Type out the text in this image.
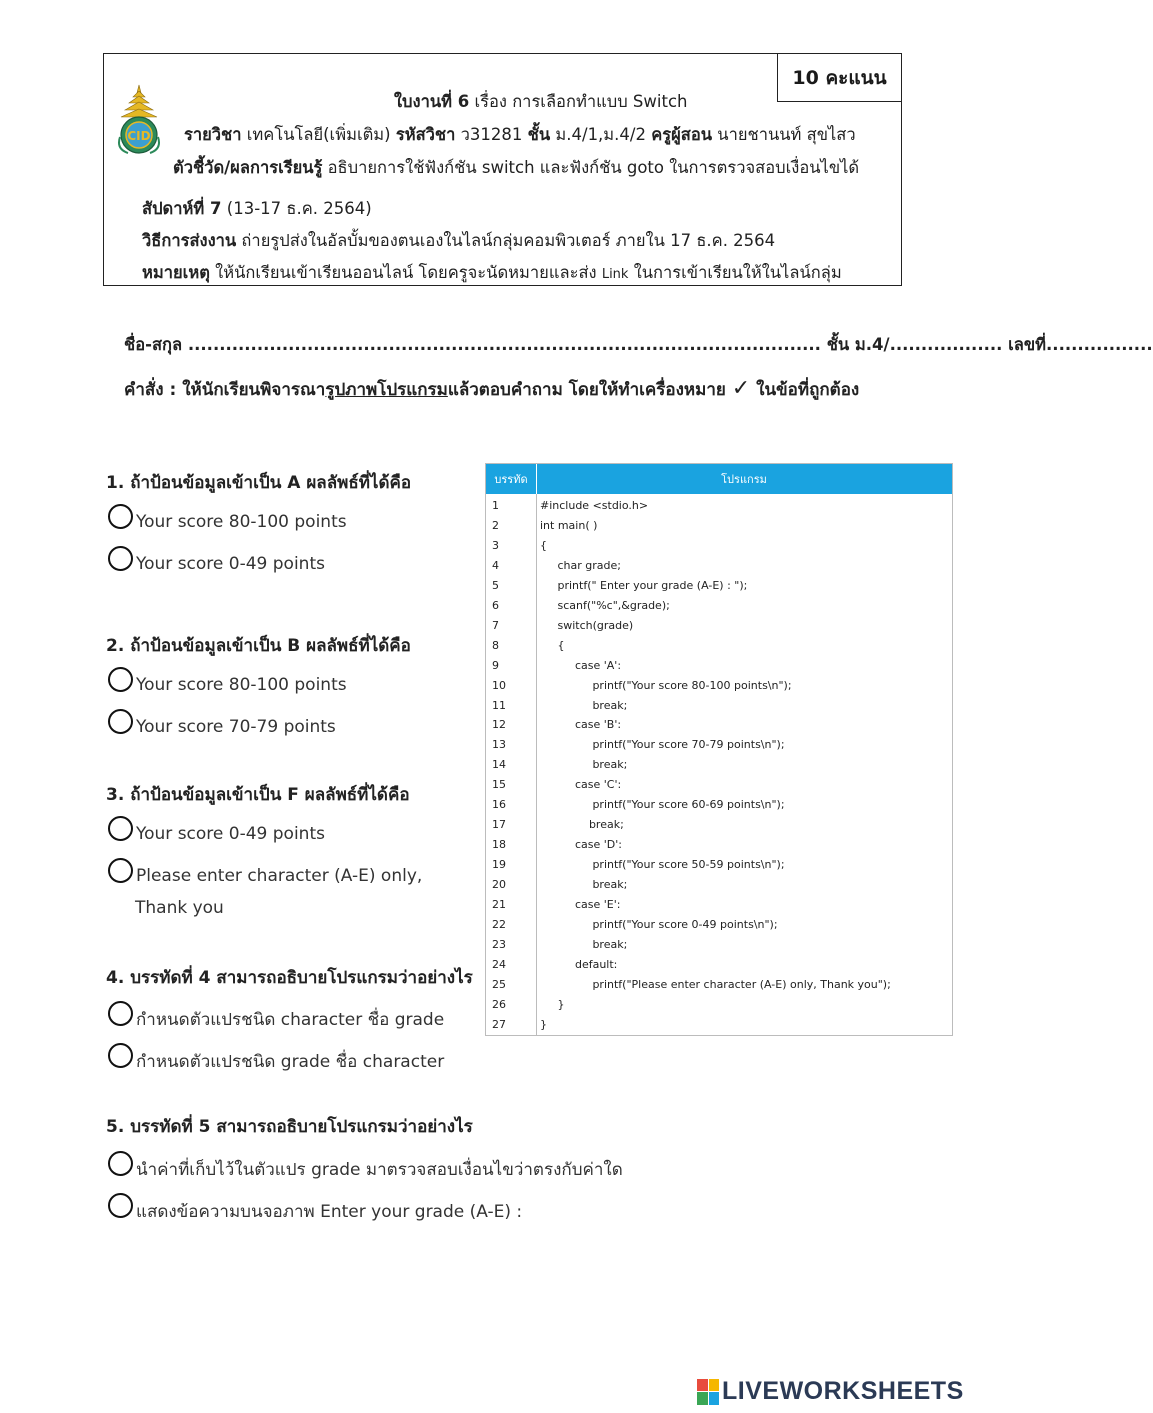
10 คะแนน
CID
ใบงานที่ 6 เรื่อง การเลือกทำแบบ Switch
รายวิชา เทคโนโลยี(เพิ่มเติม) รหัสวิชา ว31281 ชั้น ม.4/1,ม.4/2 ครูผู้สอน นายชานนท์ สุขไสว
ตัวชี้วัด/ผลการเรียนรู้ อธิบายการใช้ฟังก์ชัน switch และฟังก์ชัน goto ในการตรวจสอบเงื่อนไขได้
สัปดาห์ที่ 7 (13-17 ธ.ค. 2564)
วิธีการส่งงาน ถ่ายรูปส่งในอัลบั้มของตนเองในไลน์กลุ่มคอมพิวเตอร์ ภายใน 17 ธ.ค. 2564
หมายเหตุ ให้นักเรียนเข้าเรียนออนไลน์ โดยครูจะนัดหมายและส่ง Link ในการเข้าเรียนให้ในไลน์กลุ่ม
ชื่อ-สกุล ..................................................................................................... ชั้น ม.4/.................. เลขที่.................
คำสั่ง : ให้นักเรียนพิจารณารูปภาพโปรแกรมแล้วตอบคำถาม โดยให้ทำเครื่องหมาย ✓ ในข้อที่ถูกต้อง
1. ถ้าป้อนข้อมูลเข้าเป็น A ผลลัพธ์ที่ได้คือ
Your score 80-100 points
Your score 0-49 points
2. ถ้าป้อนข้อมูลเข้าเป็น B ผลลัพธ์ที่ได้คือ
Your score 80-100 points
Your score 70-79 points
3. ถ้าป้อนข้อมูลเข้าเป็น F ผลลัพธ์ที่ได้คือ
Your score 0-49 points
Please enter character (A-E) only,
Thank you
4. บรรทัดที่ 4 สามารถอธิบายโปรแกรมว่าอย่างไร
กำหนดตัวแปรชนิด character ชื่อ grade
กำหนดตัวแปรชนิด grade ชื่อ character
5. บรรทัดที่ 5 สามารถอธิบายโปรแกรมว่าอย่างไร
นำค่าที่เก็บไว้ในตัวแปร grade มาตรวจสอบเงื่อนไขว่าตรงกับค่าใด
แสดงข้อความบนจอภาพ Enter your grade (A-E) :
บรรทัด	โปรแกรม
1	#include <stdio.h>
2	int main( )
3	{
4	char grade;
5	printf(" Enter your grade (A-E) : ");
6	scanf("%c",&grade);
7	switch(grade)
8	{
9	case 'A':
10	printf("Your score 80-100 points\n");
11	break;
12	case 'B':
13	printf("Your score 70-79 points\n");
14	break;
15	case 'C':
16	printf("Your score 60-69 points\n");
17	break;
18	case 'D':
19	printf("Your score 50-59 points\n");
20	break;
21	case 'E':
22	printf("Your score 0-49 points\n");
23	break;
24	default:
25	printf("Please enter character (A-E) only, Thank you");
26	}
27	}
LIVEWORKSHEETS
